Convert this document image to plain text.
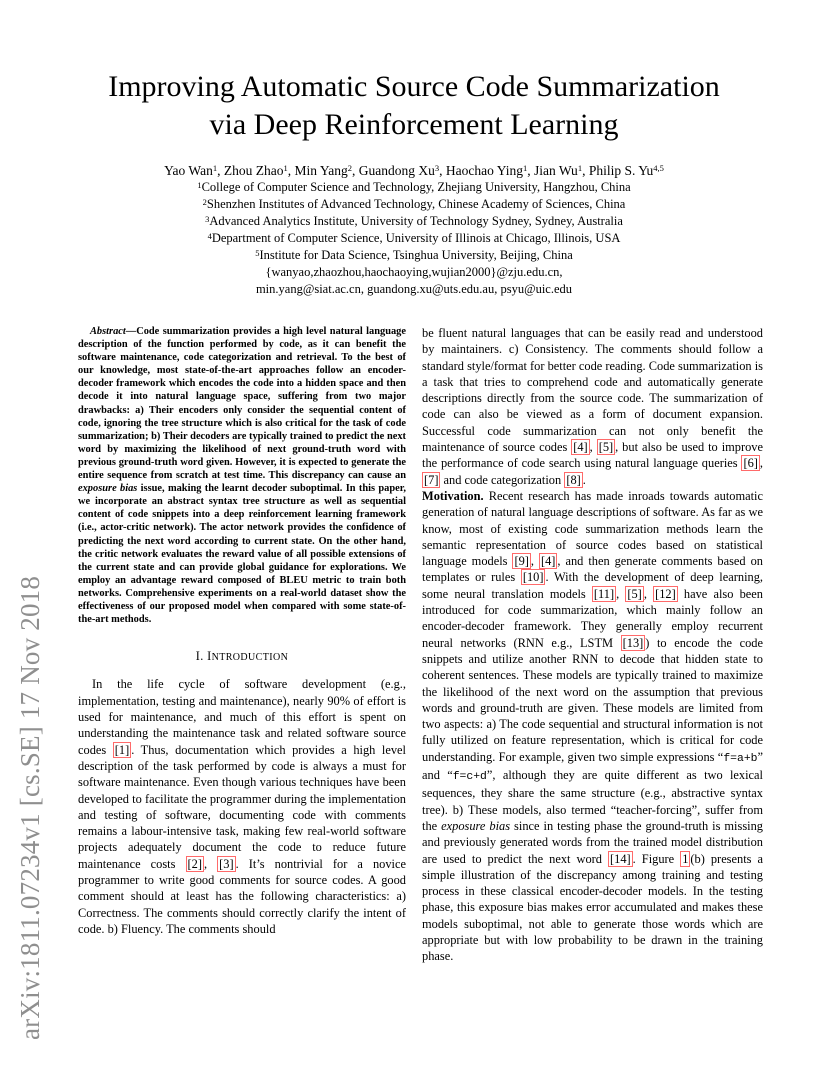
arXiv:1811.07234v1 [cs.SE] 17 Nov 2018
Improving Automatic Source Code Summarization
via Deep Reinforcement Learning
Yao Wan$^1$, Zhou Zhao$^1$, Min Yang$^2$, Guandong Xu$^3$, Haochao Ying$^1$, Jian Wu$^1$, Philip S. Yu$^{4,5}$
$^1$College of Computer Science and Technology, Zhejiang University, Hangzhou, China
$^2$Shenzhen Institutes of Advanced Technology, Chinese Academy of Sciences, China
$^3$Advanced Analytics Institute, University of Technology Sydney, Sydney, Australia
$^4$Department of Computer Science, University of Illinois at Chicago, Illinois, USA
$^5$Institute for Data Science, Tsinghua University, Beijing, China
{wanyao,zhaozhou,haochaoying,wujian2000}@zju.edu.cn,
min.yang@siat.ac.cn, guandong.xu@uts.edu.au, psyu@uic.edu

Abstract—Code summarization provides a high level natural language description of the function performed by code, as it can benefit the software maintenance, code categorization and retrieval. To the best of our knowledge, most state-of-the-art approaches follow an encoder-decoder framework which encodes the code into a hidden space and then decode it into natural language space, suffering from two major drawbacks: a) Their encoders only consider the sequential content of code, ignoring the tree structure which is also critical for the task of code summarization; b) Their decoders are typically trained to predict the next word by maximizing the likelihood of next ground-truth word with previous ground-truth word given. However, it is expected to generate the entire sequence from scratch at test time. This discrepancy can cause an exposure bias issue, making the learnt decoder suboptimal. In this paper, we incorporate an abstract syntax tree structure as well as sequential content of code snippets into a deep reinforcement learning framework (i.e., actor-critic network). The actor network provides the confidence of predicting the next word according to current state. On the other hand, the critic network evaluates the reward value of all possible extensions of the current state and can provide global guidance for explorations. We employ an advantage reward composed of BLEU metric to train both networks. Comprehensive experiments on a real-world dataset show the effectiveness of our proposed model when compared with some state-of-the-art methods.

I. INTRODUCTION

In the life cycle of software development (e.g., implementation, testing and maintenance), nearly 90% of effort is used for maintenance, and much of this effort is spent on understanding the maintenance task and related software source codes [1] . Thus, documentation which provides a high level description of the task performed by code is always a must for software maintenance. Even though various techniques have been developed to facilitate the programmer during the implementation and testing of software, documenting code with comments remains a labour-intensive task, making few real-world software projects adequately document the code to reduce future maintenance costs [2] , [3] . It’s nontrivial for a novice programmer to write good comments for source codes. A good comment should at least has the following characteristics: a) Correctness. The comments should correctly clarify the intent of code. b) Fluency. The comments should

be fluent natural languages that can be easily read and understood by maintainers. c) Consistency. The comments should follow a standard style/format for better code reading. Code summarization is a task that tries to comprehend code and automatically generate descriptions directly from the source code. The summarization of code can also be viewed as a form of document expansion. Successful code summarization can not only benefit the maintenance of source codes [4] , [5] , but also be used to improve the performance of code search using natural language queries [6] , [7] and code categorization [8] .

Motivation. Recent research has made inroads towards automatic generation of natural language descriptions of software. As far as we know, most of existing code summarization methods learn the semantic representation of source codes based on statistical language models [9] , [4] , and then generate comments based on templates or rules [10] . With the development of deep learning, some neural translation models [11] , [5] , [12] have also been introduced for code summarization, which mainly follow an encoder-decoder framework. They generally employ recurrent neural networks (RNN e.g., LSTM [13] ) to encode the code snippets and utilize another RNN to decode that hidden state to coherent sentences. These models are typically trained to maximize the likelihood of the next word on the assumption that previous words and ground-truth are given. These models are limited from two aspects: a) The code sequential and structural information is not fully utilized on feature representation, which is critical for code understanding. For example, given two simple expressions “f=a+b” and “f=c+d”, although they are quite different as two lexical sequences, they share the same structure (e.g., abstractive syntax tree). b) These models, also termed “teacher-forcing”, suffer from the exposure bias since in testing phase the ground-truth is missing and previously generated words from the trained model distribution are used to predict the next word [14] . Figure 1 (b) presents a simple illustration of the discrepancy among training and testing process in these classical encoder-decoder models. In the testing phase, this exposure bias makes error accumulated and makes these models suboptimal, not able to generate those words which are appropriate but with low probability to be drawn in the training phase.
